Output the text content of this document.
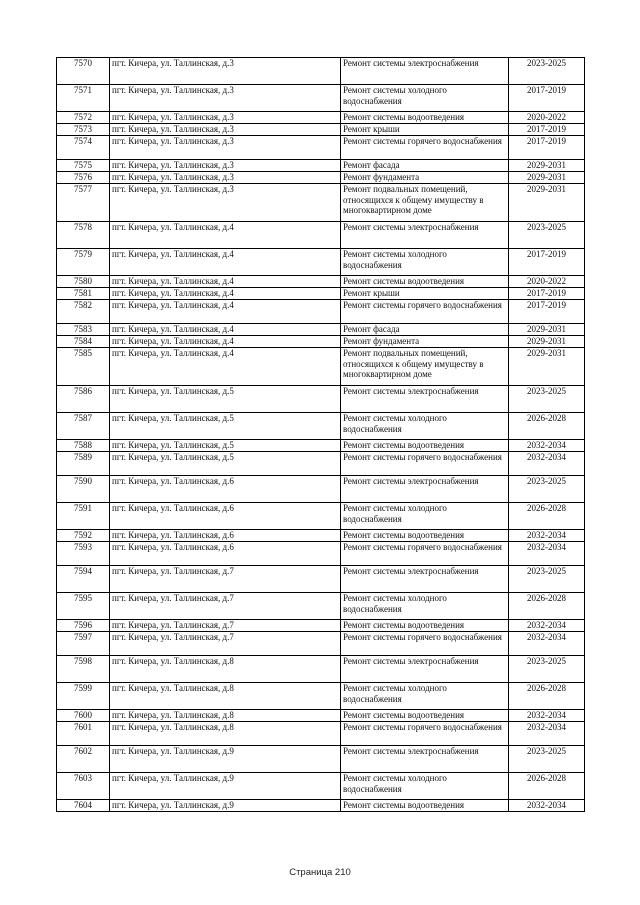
7570	пгт. Кичера, ул. Таллинская, д.3	Ремонт системы электроснабжения	2023-2025
7571	пгт. Кичера, ул. Таллинская, д.3	Ремонт системы холодного водоснабжения	2017-2019
7572	пгт. Кичера, ул. Таллинская, д.3	Ремонт системы водоотведения	2020-2022
7573	пгт. Кичера, ул. Таллинская, д.3	Ремонт крыши	2017-2019
7574	пгт. Кичера, ул. Таллинская, д.3	Ремонт системы горячего водоснабжения	2017-2019
7575	пгт. Кичера, ул. Таллинская, д.3	Ремонт фасада	2029-2031
7576	пгт. Кичера, ул. Таллинская, д.3	Ремонт фундамента	2029-2031
7577	пгт. Кичера, ул. Таллинская, д.3	Ремонт подвальных помещений, относящихся к общему имуществу в многоквартирном доме	2029-2031
7578	пгт. Кичера, ул. Таллинская, д.4	Ремонт системы электроснабжения	2023-2025
7579	пгт. Кичера, ул. Таллинская, д.4	Ремонт системы холодного водоснабжения	2017-2019
7580	пгт. Кичера, ул. Таллинская, д.4	Ремонт системы водоотведения	2020-2022
7581	пгт. Кичера, ул. Таллинская, д.4	Ремонт крыши	2017-2019
7582	пгт. Кичера, ул. Таллинская, д.4	Ремонт системы горячего водоснабжения	2017-2019
7583	пгт. Кичера, ул. Таллинская, д.4	Ремонт фасада	2029-2031
7584	пгт. Кичера, ул. Таллинская, д.4	Ремонт фундамента	2029-2031
7585	пгт. Кичера, ул. Таллинская, д.4	Ремонт подвальных помещений, относящихся к общему имуществу в многоквартирном доме	2029-2031
7586	пгт. Кичера, ул. Таллинская, д.5	Ремонт системы электроснабжения	2023-2025
7587	пгт. Кичера, ул. Таллинская, д.5	Ремонт системы холодного водоснабжения	2026-2028
7588	пгт. Кичера, ул. Таллинская, д.5	Ремонт системы водоотведения	2032-2034
7589	пгт. Кичера, ул. Таллинская, д.5	Ремонт системы горячего водоснабжения	2032-2034
7590	пгт. Кичера, ул. Таллинская, д.6	Ремонт системы электроснабжения	2023-2025
7591	пгт. Кичера, ул. Таллинская, д.6	Ремонт системы холодного водоснабжения	2026-2028
7592	пгт. Кичера, ул. Таллинская, д.6	Ремонт системы водоотведения	2032-2034
7593	пгт. Кичера, ул. Таллинская, д.6	Ремонт системы горячего водоснабжения	2032-2034
7594	пгт. Кичера, ул. Таллинская, д.7	Ремонт системы электроснабжения	2023-2025
7595	пгт. Кичера, ул. Таллинская, д.7	Ремонт системы холодного водоснабжения	2026-2028
7596	пгт. Кичера, ул. Таллинская, д.7	Ремонт системы водоотведения	2032-2034
7597	пгт. Кичера, ул. Таллинская, д.7	Ремонт системы горячего водоснабжения	2032-2034
7598	пгт. Кичера, ул. Таллинская, д.8	Ремонт системы электроснабжения	2023-2025
7599	пгт. Кичера, ул. Таллинская, д.8	Ремонт системы холодного водоснабжения	2026-2028
7600	пгт. Кичера, ул. Таллинская, д.8	Ремонт системы водоотведения	2032-2034
7601	пгт. Кичера, ул. Таллинская, д.8	Ремонт системы горячего водоснабжения	2032-2034
7602	пгт. Кичера, ул. Таллинская, д.9	Ремонт системы электроснабжения	2023-2025
7603	пгт. Кичера, ул. Таллинская, д.9	Ремонт системы холодного водоснабжения	2026-2028
7604	пгт. Кичера, ул. Таллинская, д.9	Ремонт системы водоотведения	2032-2034
Страница 210
